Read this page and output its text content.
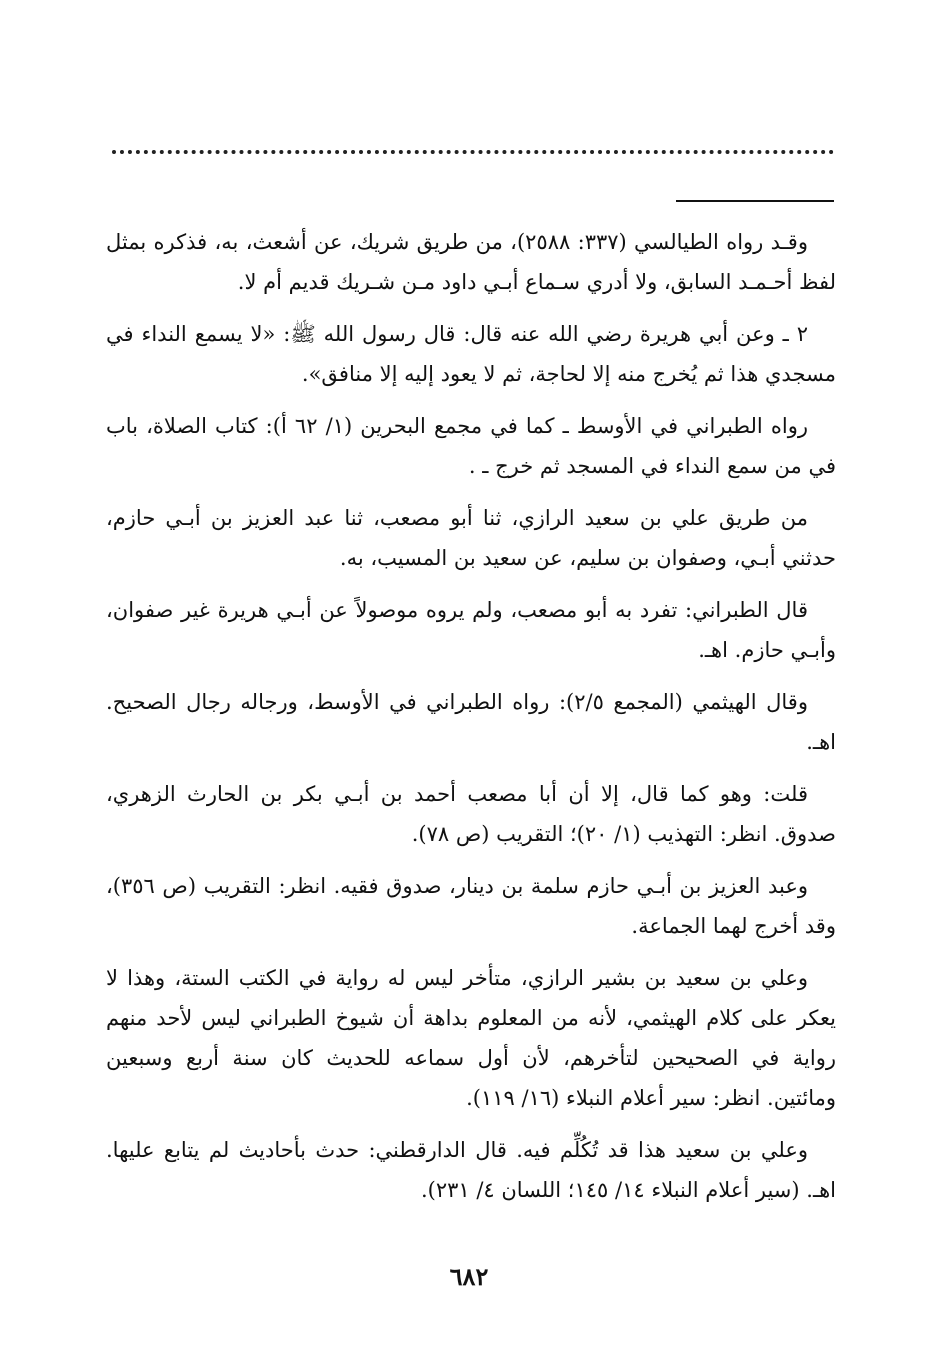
وقـد رواه الطيالسي (٣٣٧: ٢٥٨٨)، من طريق شريك، عن أشعث، به، فذكره بمثل لفظ أحـمـد السابق، ولا أدري سـماع أبـي داود مـن شـريك قديم أم لا.

٢ ـ وعن أبي هريرة رضي الله عنه قال: قال رسول الله ﷺ: «لا يسمع النداء في مسجدي هذا ثم يُخرج منه إلا لحاجة، ثم لا يعود إليه إلا منافق».

رواه الطبراني في الأوسط ـ كما في مجمع البحرين (١/ ٦٢ أ): كتاب الصلاة، باب في من سمع النداء في المسجد ثم خرج ـ .

من طريق علي بن سعيد الرازي، ثنا أبو مصعب، ثنا عبد العزيز بن أبـي حازم، حدثني أبـي، وصفوان بن سليم، عن سعيد بن المسيب، به.

قال الطبراني: تفرد به أبو مصعب، ولم يروه موصولاً عن أبـي هريرة غير صفوان، وأبـي حازم. اهـ.

وقال الهيثمي (المجمع ٢/٥): رواه الطبراني في الأوسط، ورجاله رجال الصحيح. اهـ.

قلت: وهو كما قال، إلا أن أبا مصعب أحمد بن أبـي بكر بن الحارث الزهري، صدوق. انظر: التهذيب (١/ ٢٠)؛ التقريب (ص ٧٨).

وعبد العزيز بن أبـي حازم سلمة بن دينار، صدوق فقيه. انظر: التقريب (ص ٣٥٦)، وقد أخرج لهما الجماعة.

وعلي بن سعيد بن بشير الرازي، متأخر ليس له رواية في الكتب الستة، وهذا لا يعكر على كلام الهيثمي، لأنه من المعلوم بداهة أن شيوخ الطبراني ليس لأحد منهم رواية في الصحيحين لتأخرهم، لأن أول سماعه للحديث كان سنة أربع وسبعين ومائتين. انظر: سير أعلام النبلاء (١٦/ ١١٩).

وعلي بن سعيد هذا قد تُكُلِّم فيه. قال الدارقطني: حدث بأحاديث لم يتابع عليها. اهـ. (سير أعلام النبلاء ١٤/ ١٤٥؛ اللسان ٤/ ٢٣١).

٦٨٢
